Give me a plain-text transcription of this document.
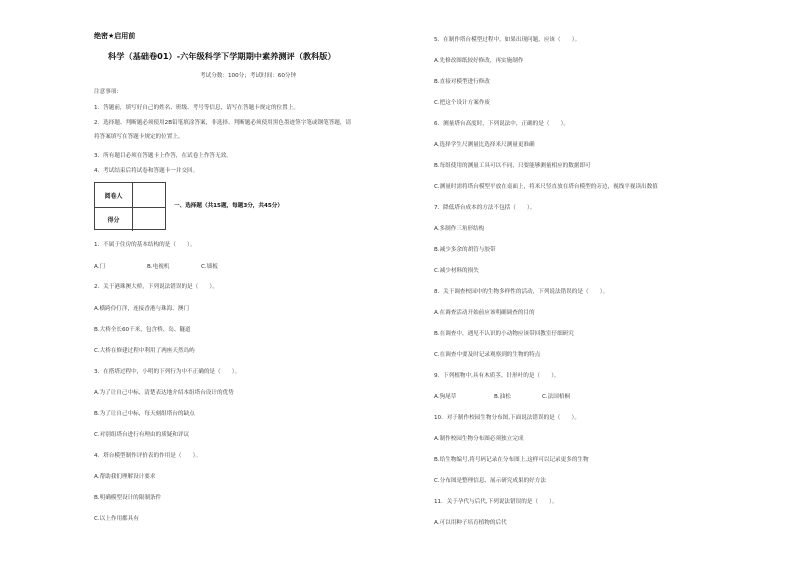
绝密★启用前
科学（基础卷01）-六年级科学下学期期中素养测评（教科版）
考试分数：100分；考试时间：60分钟
注意事项：
1．答题前，填写好自己的姓名、班级、考号等信息，请写在答题卡规定的位置上。
2．选择题、判断题必须使用2B铅笔填涂答案，非选择、判断题必须使用黑色墨迹签字笔或钢笔答题，请
将答案填写在答题卡规定的位置上。
3．所有题目必须在答题卡上作答，在试卷上作答无效。
4．考试结束后将试卷和答题卡一并交回。
阅卷人
得分
一、选择题（共15题，每题3分，共45分）
1．不属于住房的基本结构的是（　　）。
A.门	B.电视机	C.墙板
2．关于港珠澳大桥，下列说法错误的是（　　）。
A.横跨伶仃洋，连接香港与珠海、澳门
B.大桥全长60千米，包含桥、岛、隧道
C.大桥在修建过程中利用了两座天然岛屿
3．在搭塔过程中，小明的下列行为中不正确的是（　　）。
A.为了让自己中标，清楚表达地介绍本组塔台设计的优势
B.为了让自己中标，每天刻组塔台的缺点
C.对别组塔台进行有理由的质疑和评议
4．塔台模型制作评价表的作用是（　　）。
A.帮助我们理解设计要求
B.明确模型设计的限制条件
C.以上作用都具有
5．在制作塔台模型过程中，如果出现问题，应该（　　）。
A.先修改图纸较好修改，再实施制作
B.直接对模型进行修改
C.把这个设计方案作废
6．测量塔台高度时，下列说法中，正确的是（　　）。
A.选择学生尺测量比选择米尺测量更准确
B.每组使用的测量工具可以不同，只要能够测量相应的数据即可
C.测量时需将塔台模型平放在桌面上，将米尺竖直放在塔台模型的旁边，视线平视读出数值
7．降低塔台成本的方法不包括（　　）。
A.多制作三角形结构
B.减少多余的胡管与胶带
C.减少材料的损失
8．关于调查校园中的生物多样性的活动，下列说法错误的是（　　）。
A.在调查活动开始前应该明确调查的目的
B.在调查中，遇见不认识的小动物应该带回教室仔细研究
C.在调查中要及时记录观察到的生物的特点
9．下列植物中,具有木质茎、针形叶的是（　　）。
A.狗尾草	B.油松	C.法国梧桐
10．对于制作校园生物分布图,下面说法错误的是（　　）。
A.制作校园生物分布图必须独立完成
B.给生物编号,将号码记录在分布图上,这样可以记录更多的生物
C.分布图是整理信息、展示研究成果的好方法
11．关于孕代与后代,下列说法错误的是（　　）。
A.可以用种子培育植物的后代
